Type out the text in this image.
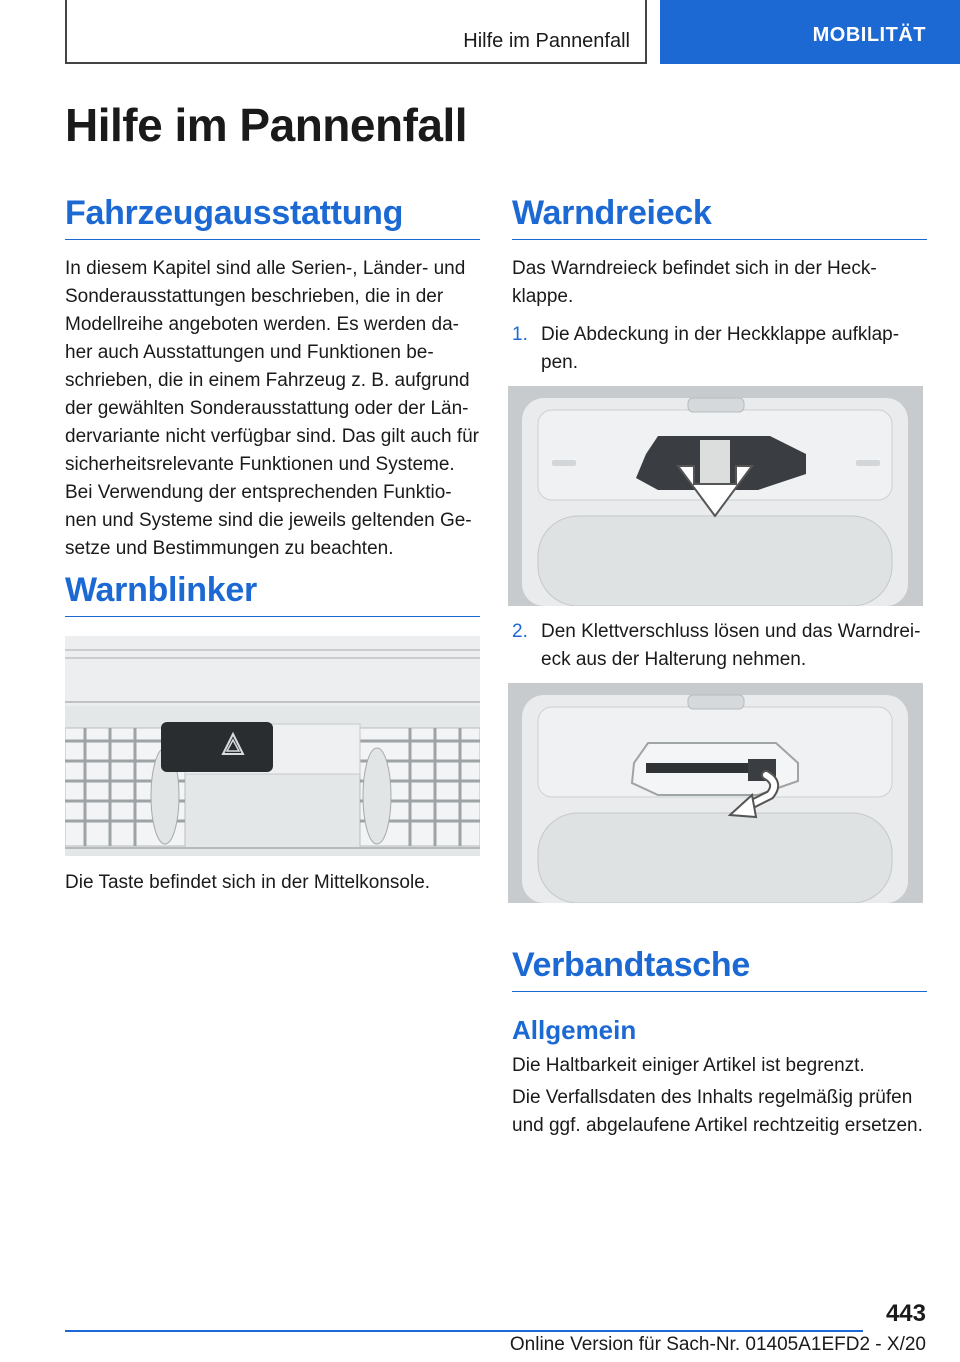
Hilfe im Pannenfall	MOBILITÄT
Hilfe im Pannenfall
Fahrzeugausstattung
In diesem Kapitel sind alle Serien-, Länder- und
Sonderausstattungen beschrieben, die in der
Modellreihe angeboten werden. Es werden da-
her auch Ausstattungen und Funktionen be-
schrieben, die in einem Fahrzeug z. B. aufgrund
der gewählten Sonderausstattung oder der Län-
dervariante nicht verfügbar sind. Das gilt auch für
sicherheitsrelevante Funktionen und Systeme.
Bei Verwendung der entsprechenden Funktio-
nen und Systeme sind die jeweils geltenden Ge-
setze und Bestimmungen zu beachten.
Warnblinker
Die Taste befindet sich in der Mittelkonsole.
Warndreieck
Das Warndreieck befindet sich in der Heck-
klappe.
1. Die Abdeckung in der Heckklappe aufklap-
pen.
2. Den Klettverschluss lösen und das Warndrei-
eck aus der Halterung nehmen.
Verbandtasche
Allgemein
Die Haltbarkeit einiger Artikel ist begrenzt.
Die Verfallsdaten des Inhalts regelmäßig prüfen
und ggf. abgelaufene Artikel rechtzeitig ersetzen.
443
Online Version für Sach-Nr. 01405A1EFD2 - X/20
